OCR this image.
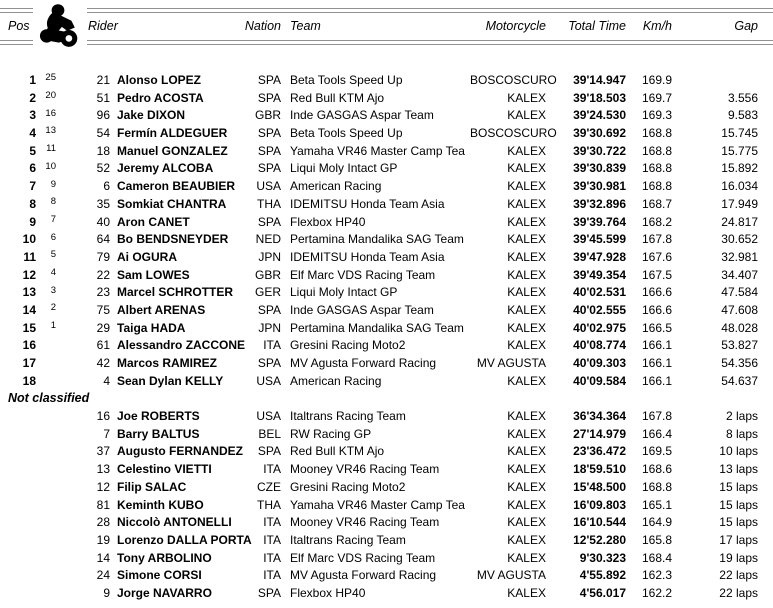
Pos	Rider	Nation Team	Motorcycle Total Time Km/h	Gap
1 25	21 Alonso LOPEZ	SPA Beta Tools Speed Up	BOSCOSCURO	39'14.947	169.9
2 20	51 Pedro ACOSTA	SPA Red Bull KTM Ajo	KALEX	39'18.503	169.7	3.556
3 16	96 Jake DIXON	GBR Inde GASGAS Aspar Team	KALEX	39'24.530	169.3	9.583
4 13	54 Fermín ALDEGUER	SPA Beta Tools Speed Up	BOSCOSCURO	39'30.692	168.8	15.745
5	11	18 Manuel GONZALEZ	SPA Yamaha VR46 Master Camp Tea	KALEX	39'30.722	168.8	15.775
6 10	52 Jeremy ALCOBA	SPA Liqui Moly Intact GP	KALEX	39'30.839	168.8	15.892
7	9	6 Cameron BEAUBIER	USA American Racing	KALEX	39'30.981	168.8	16.034
8	8	35 Somkiat CHANTRA	THA IDEMITSU Honda Team Asia	KALEX	39'32.896	168.7	17.949
9	7	40 Aron CANET	SPA Flexbox HP40	KALEX	39'39.764	168.2	24.817
10	6	64 Bo BENDSNEYDER	NED Pertamina Mandalika SAG Team	KALEX	39'45.599	167.8	30.652
11	5	79 Ai OGURA	JPN IDEMITSU Honda Team Asia	KALEX	39'47.928	167.6	32.981
12	4	22 Sam LOWES	GBR Elf Marc VDS Racing Team	KALEX	39'49.354	167.5	34.407
13	3	23 Marcel SCHROTTER	GER Liqui Moly Intact GP	KALEX	40'02.531	166.6	47.584
14	2	75 Albert ARENAS	SPA Inde GASGAS Aspar Team	KALEX	40'02.555	166.6	47.608
15	1	29 Taiga HADA	JPN Pertamina Mandalika SAG Team	KALEX	40'02.975	166.5	48.028
16	61 Alessandro ZACCONE	ITA Gresini Racing Moto2	KALEX	40'08.774	166.1	53.827
17	42 Marcos RAMIREZ	SPA MV Agusta Forward Racing	MV AGUSTA	40'09.303	166.1	54.356
18	4 Sean Dylan KELLY	USA American Racing	KALEX	40'09.584	166.1	54.637
Not classified
16 Joe ROBERTS	USA Italtrans Racing Team	KALEX	36'34.364	167.8	2 laps
7 Barry BALTUS	BEL RW Racing GP	KALEX	27'14.979	166.4	8 laps
37 Augusto FERNANDEZ	SPA Red Bull KTM Ajo	KALEX	23'36.472	169.5	10 laps
13 Celestino VIETTI	ITA Mooney VR46 Racing Team	KALEX	18'59.510	168.6	13 laps
12 Filip SALAC	CZE Gresini Racing Moto2	KALEX	15'48.500	168.8	15 laps
81 Keminth KUBO	THA Yamaha VR46 Master Camp Tea	KALEX	16'09.803	165.1	15 laps
28 Niccolò ANTONELLI	ITA Mooney VR46 Racing Team	KALEX	16'10.544	164.9	15 laps
19 Lorenzo DALLA PORTA ITA Italtrans Racing Team	KALEX	12'52.280	165.8	17 laps
14 Tony ARBOLINO	ITA Elf Marc VDS Racing Team	KALEX	9'30.323	168.4	19 laps
24 Simone CORSI	ITA MV Agusta Forward Racing	MV AGUSTA	4'55.892	162.3	22 laps
9 Jorge NAVARRO	SPA Flexbox HP40	KALEX	4'56.017	162.2	22 laps
